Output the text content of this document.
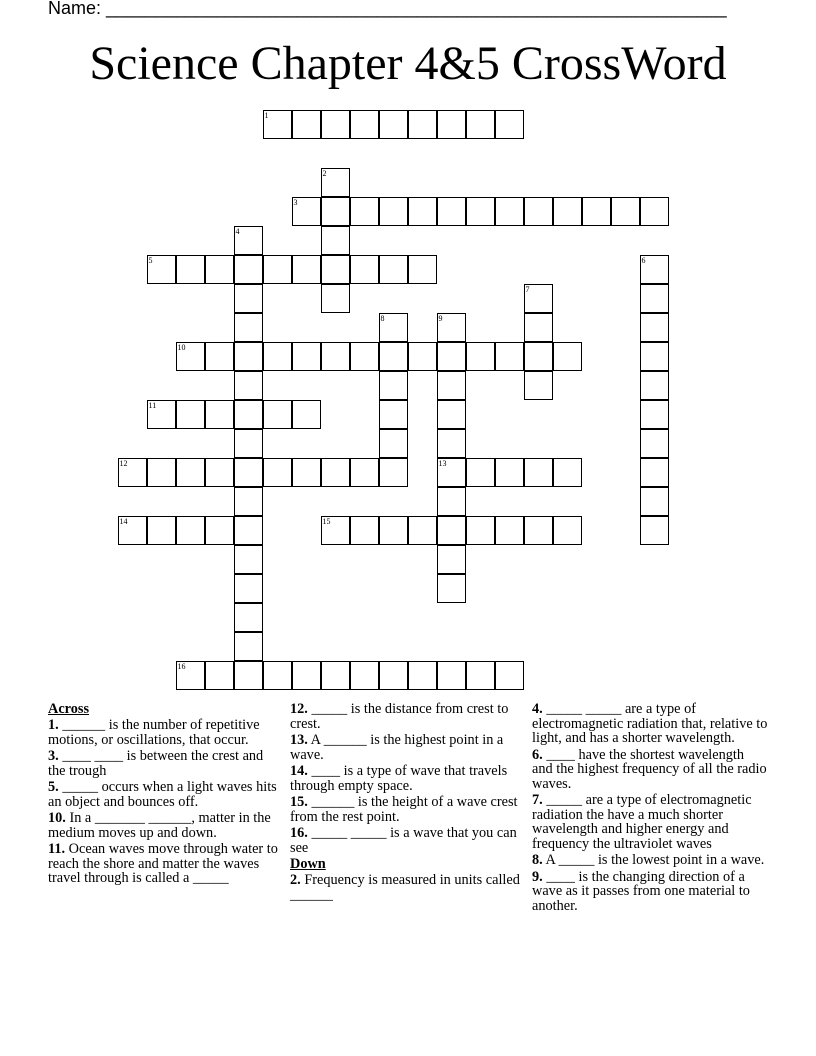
Name: ______________________________________________________________
Science Chapter 4&5 CrossWord
1
2
3
4
5	6
7
8	9
13
10
11
12
14	15
16
Across
1. ______ is the number of repetitive motions, or oscillations, that occur.
3. ____ ____ is between the crest and the trough
5. _____ occurs when a light waves hits an object and bounces off.
10. In a _______ ______, matter in the medium moves up and down.
11. Ocean waves move through water to reach the shore and matter the waves travel through is called a _____
12. _____ is the distance from crest to crest.
13. A ______ is the highest point in a wave.
14. ____ is a type of wave that travels through empty space.
15. ______ is the height of a wave crest from the rest point.
16. _____ _____ is a wave that you can see
Down
2. Frequency is measured in units called ______
4. _____ _____ are a type of electromagnetic radiation that, relative to light, and has a shorter wavelength.
6. ____ have the shortest wavelength and the highest frequency of all the radio waves.
7. _____ are a type of electromagnetic radiation the have a much shorter wavelength and higher energy and frequency the ultraviolet waves
8. A _____ is the lowest point in a wave.
9. ____ is the changing direction of a wave as it passes from one material to another.
